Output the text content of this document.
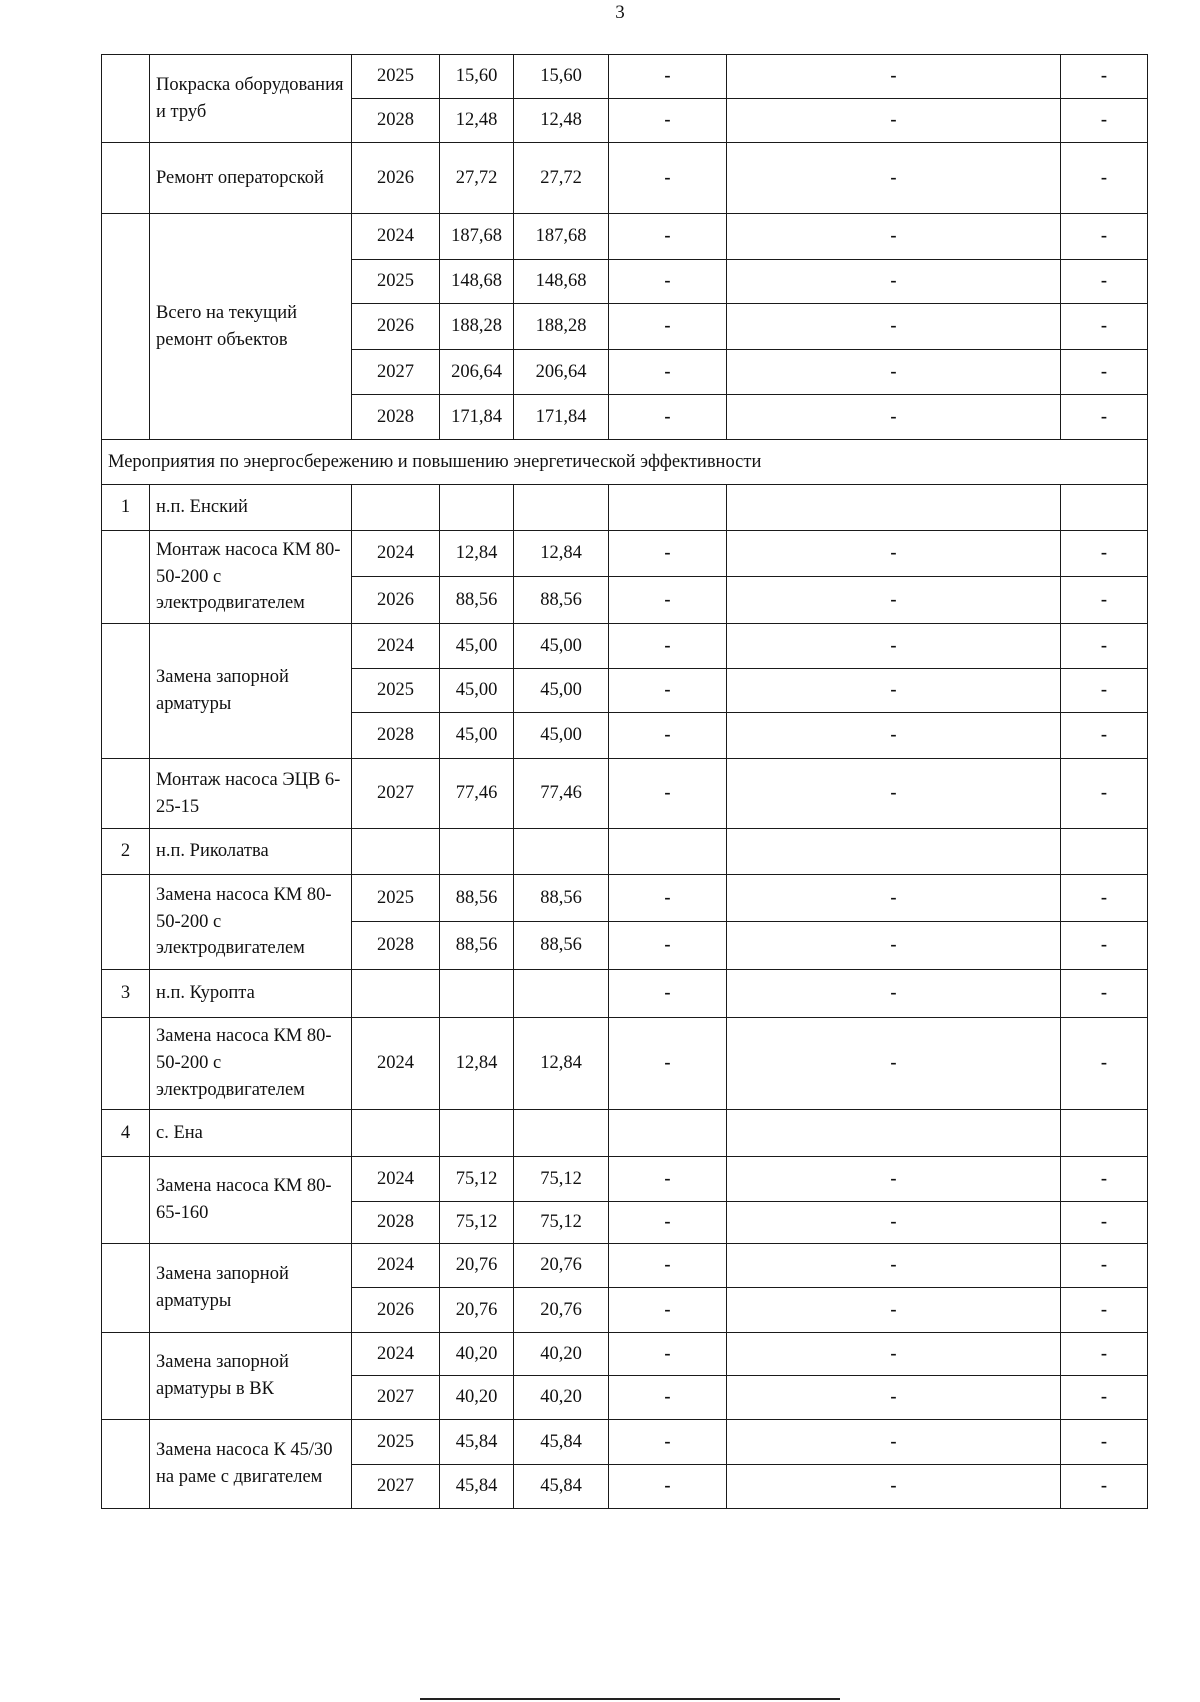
3
	Покраска оборудования и труб	2025	15,60	15,60	-	-	-
		2028	12,48	12,48	-	-	-
	Ремонт операторской	2026	27,72	27,72	-	-	-
	Всего на текущий ремонт объектов	2024	187,68	187,68	-	-	-
		2025	148,68	148,68	-	-	-
		2026	188,28	188,28	-	-	-
		2027	206,64	206,64	-	-	-
		2028	171,84	171,84	-	-	-
Мероприятия по энергосбережению и повышению энергетической эффективности							
1	н.п. Енский						
	Монтаж насоса КМ 80-50-200 с электродвигателем	2024	12,84	12,84	-	-	-
		2026	88,56	88,56	-	-	-
	Замена запорной арматуры	2024	45,00	45,00	-	-	-
		2025	45,00	45,00	-	-	-
		2028	45,00	45,00	-	-	-
	Монтаж насоса ЭЦВ 6-25-15	2027	77,46	77,46	-	-	-
2	н.п. Риколатва						
	Замена насоса КМ 80-50-200 с электродвигателем	2025	88,56	88,56	-	-	-
		2028	88,56	88,56	-	-	-
3	н.п. Куропта				-	-	-
	Замена насоса КМ 80-50-200 с электродвигателем	2024	12,84	12,84	-	-	-
4	с. Ена						
	Замена насоса КМ 80-65-160	2024	75,12	75,12	-	-	-
		2028	75,12	75,12	-	-	-
	Замена запорной арматуры	2024	20,76	20,76	-	-	-
		2026	20,76	20,76	-	-	-
	Замена запорной арматуры в ВК	2024	40,20	40,20	-	-	-
		2027	40,20	40,20	-	-	-
	Замена насоса К 45/30 на раме с двигателем	2025	45,84	45,84	-	-	-
		2027	45,84	45,84	-	-	-
